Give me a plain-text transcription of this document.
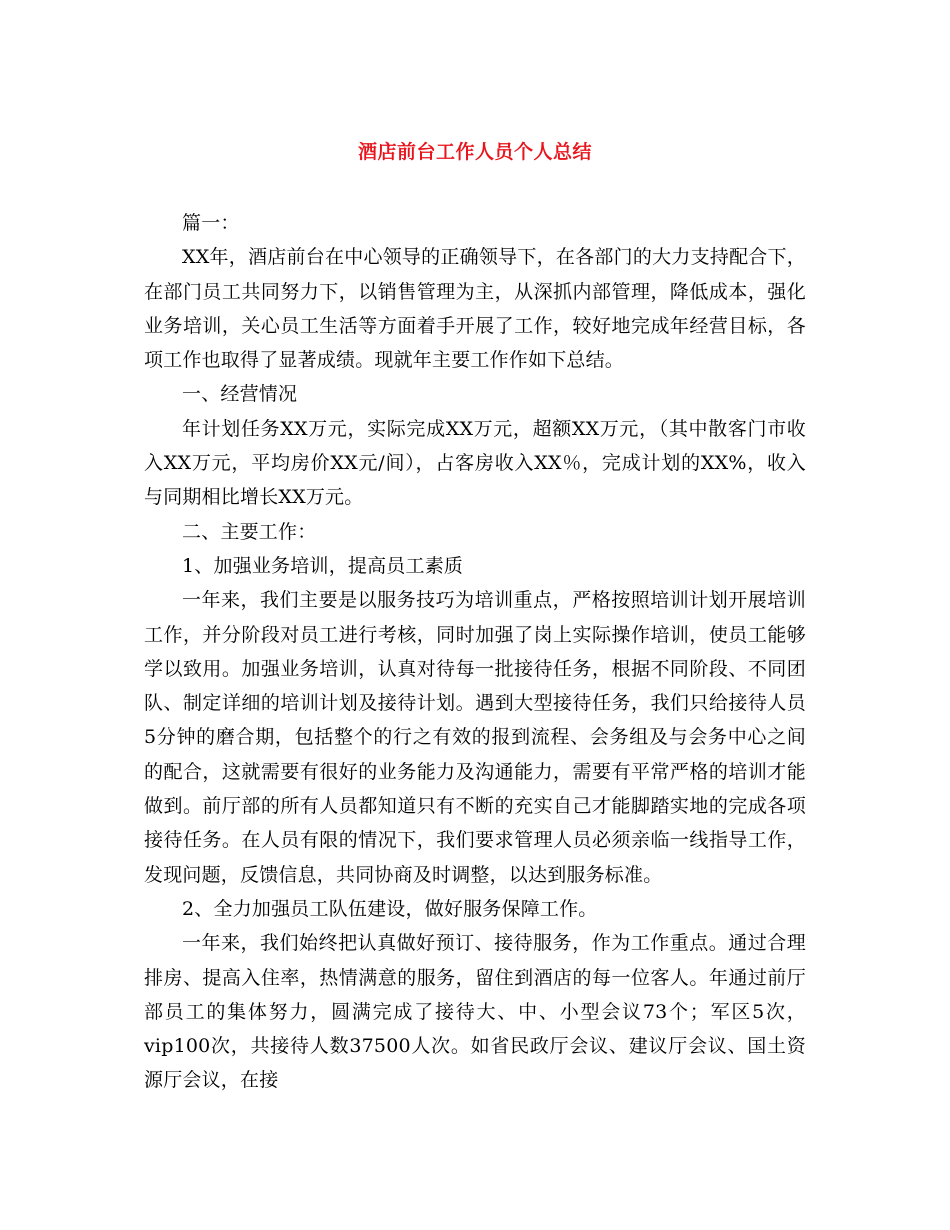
酒店前台工作人员个人总结

篇一：

XX年，酒店前台在中心领导的正确领导下，在各部门的大力支持配合下，在部门员工共同努力下，以销售管理为主，从深抓内部管理，降低成本，强化业务培训，关心员工生活等方面着手开展了工作，较好地完成年经营目标，各项工作也取得了显著成绩。现就年主要工作作如下总结。

一、经营情况

年计划任务XX万元，实际完成XX万元，超额XX万元，（其中散客门市收入XX万元，平均房价XX元/间），占客房收入XX％，完成计划的XX%，收入与同期相比增长XX万元。

二、主要工作：

1、加强业务培训，提高员工素质

一年来，我们主要是以服务技巧为培训重点，严格按照培训计划开展培训工作，并分阶段对员工进行考核，同时加强了岗上实际操作培训，使员工能够学以致用。加强业务培训，认真对待每一批接待任务，根据不同阶段、不同团队、制定详细的培训计划及接待计划。遇到大型接待任务，我们只给接待人员5分钟的磨合期，包括整个的行之有效的报到流程、会务组及与会务中心之间的配合，这就需要有很好的业务能力及沟通能力，需要有平常严格的培训才能做到。前厅部的所有人员都知道只有不断的充实自己才能脚踏实地的完成各项接待任务。在人员有限的情况下，我们要求管理人员必须亲临一线指导工作，发现问题，反馈信息，共同协商及时调整，以达到服务标准。

2、全力加强员工队伍建设，做好服务保障工作。

一年来，我们始终把认真做好预订、接待服务，作为工作重点。通过合理排房、提高入住率，热情满意的服务，留住到酒店的每一位客人。年通过前厅部员工的集体努力，圆满完成了接待大、中、小型会议73个；军区5次，vip100次，共接待人数37500人次。如省民政厅会议、建议厅会议、国土资源厅会议，在接
